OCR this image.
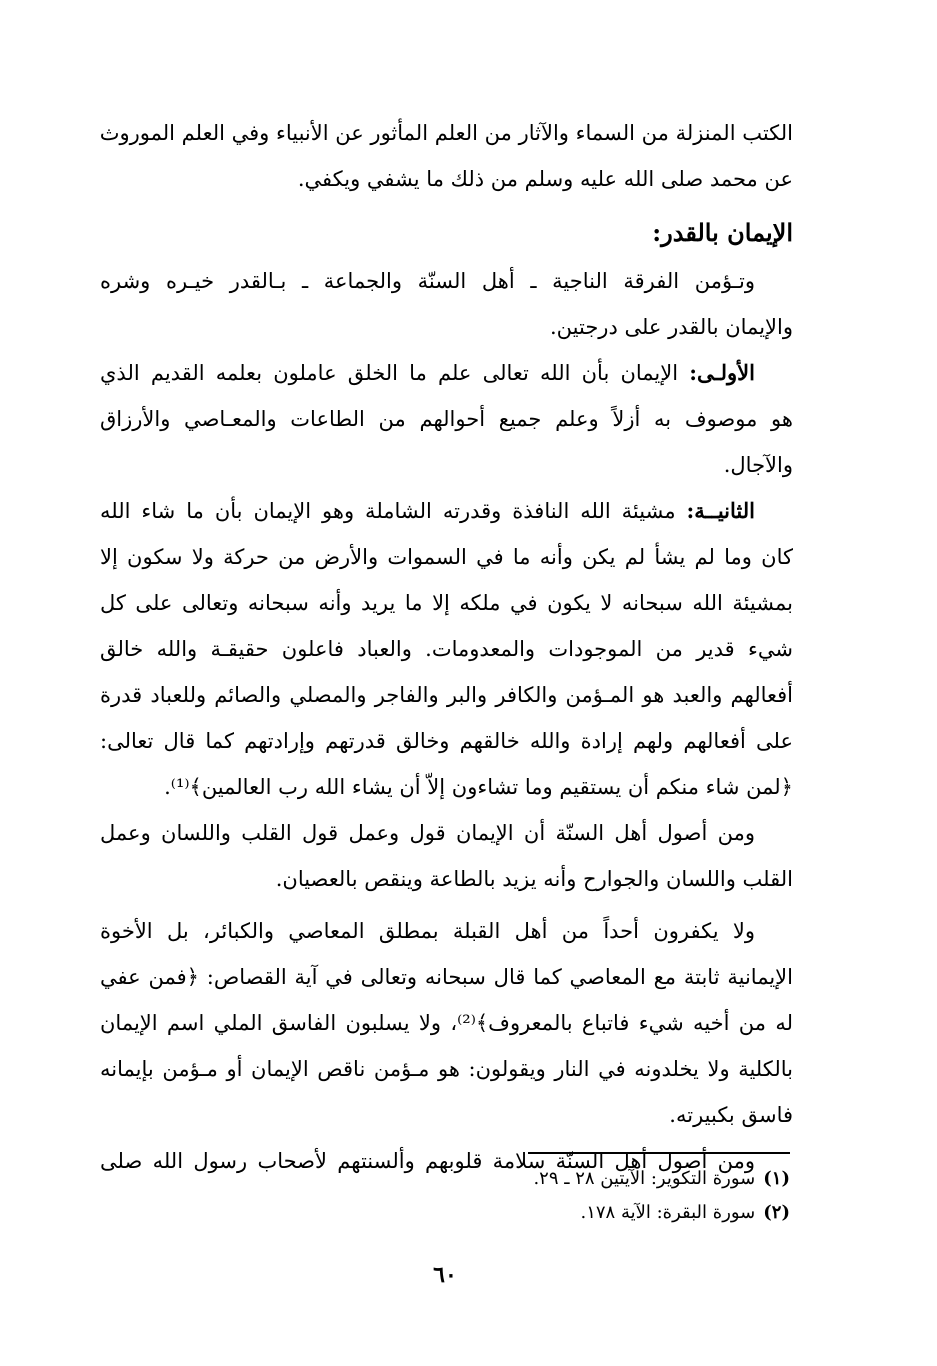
الكتب المنزلة من السماء والآثار من العلم المأثور عن الأنبياء وفي العلم الموروث
عن محمد صلى الله عليه وسلم من ذلك ما يشفي ويكفي.
الإيمان بالقدر:
وتـؤمن الفرقة الناجية ـ أهل السنّة والجماعة ـ بـالقدر خيـره وشره
والإيمان بالقدر على درجتين.
الأولـى: الإيمان بأن الله تعالى علم ما الخلق عاملون بعلمه القديم الذي
هو موصوف به أزلاً وعلم جميع أحوالهم من الطاعات والمعـاصي والأرزاق
والآجال.
الثانيــة: مشيئة الله النافذة وقدرته الشاملة وهو الإيمان بأن ما شاء الله
كان وما لم يشأ لم يكن وأنه ما في السموات والأرض من حركة ولا سكون إلا
بمشيئة الله سبحانه لا يكون في ملكه إلا ما يريد وأنه سبحانه وتعالى على كل
شيء قدير من الموجودات والمعدومات. والعباد فاعلون حقيقـة والله خالق
أفعالهم والعبد هو المـؤمن والكافر والبر والفاجر والمصلي والصائم وللعباد قدرة
على أفعالهم ولهم إرادة والله خالقهم وخالق قدرتهم وإرادتهم كما قال تعالى:
﴿لمن شاء منكم أن يستقيم وما تشاءون إلاّ أن يشاء الله رب العالمين﴾⁽¹⁾.
ومن أصول أهل السنّة أن الإيمان قول وعمل قول القلب واللسان وعمل
القلب واللسان والجوارح وأنه يزيد بالطاعة وينقص بالعصيان.
ولا يكفرون أحداً من أهل القبلة بمطلق المعاصي والكبائر، بل الأخوة
الإيمانية ثابتة مع المعاصي كما قال سبحانه وتعالى في آية القصاص: ﴿فمن عفي
له من أخيه شيء فاتباع بالمعروف﴾⁽²⁾، ولا يسلبون الفاسق الملي اسم الإيمان
بالكلية ولا يخلدونه في النار ويقولون: هو مـؤمن ناقص الإيمان أو مـؤمن بإيمانه
فاسق بكبيرته.
ومن أصول أهل السنّة سلامة قلوبهم وألسنتهم لأصحاب رسول الله صلى
(١)سورة التكوير: الآيتين ٢٨ ـ ٢٩.
(٢)سورة البقرة: الآية ١٧٨.
٦٠
